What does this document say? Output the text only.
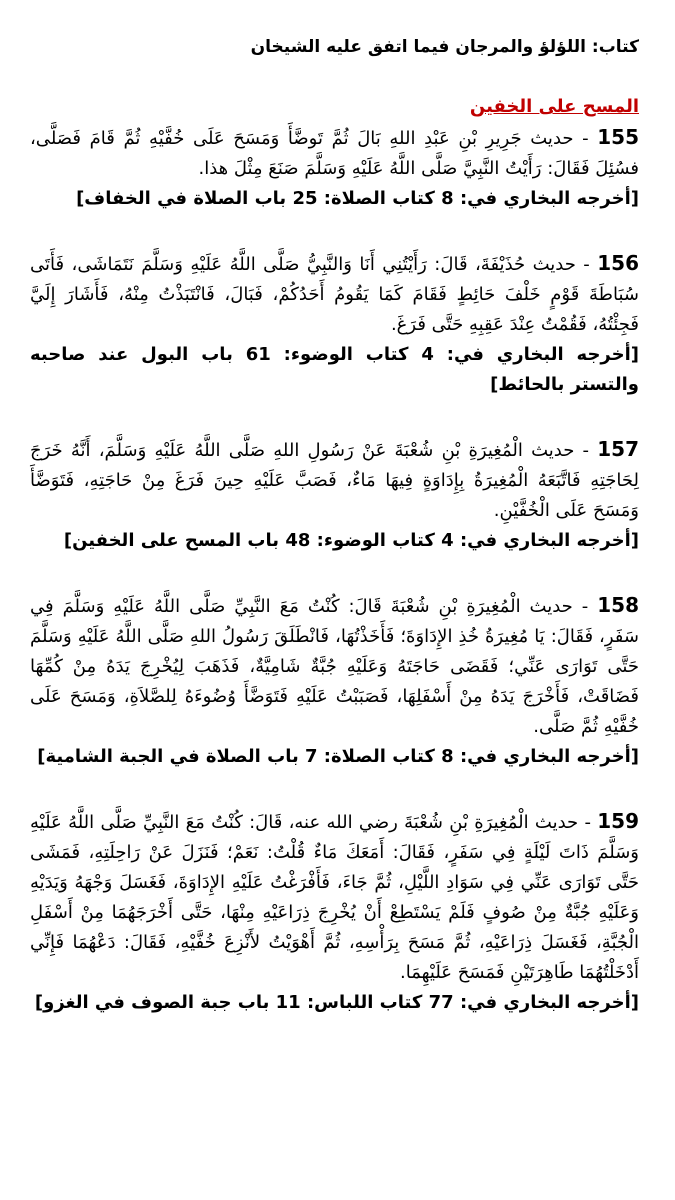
كتاب: اللؤلؤ والمرجان فيما اتفق عليه الشيخان
المسح على الخفين

155 - حديث جَرِيرِ بْنِ عَبْدِ اللهِ بَالَ ثُمَّ تَوضَّأَ وَمَسَحَ عَلَى خُفَّيْهِ ثُمَّ قَامَ فَصَلَّى، فسُئِلَ فَقَالَ: رَأَيْتُ النَّبِيَّ صَلَّى اللَّهُ عَلَيْهِ وَسَلَّمَ صَنَعَ مِثْلَ هذا.

[أخرجه البخاري في: 8 كتاب الصلاة: 25 باب الصلاة في الخفاف]

156 - حديث حُذَيْفَةَ، قَالَ: رَأَيْتُنِي أَنَا وَالنَّبِيُّ صَلَّى اللَّهُ عَلَيْهِ وَسَلَّمَ نَتَمَاشَى، فَأَتَى سُبَاطَةَ قَوْمٍ خَلْفَ حَائِطٍ فَقَامَ كَمَا يَقُومُ أَحَدُكُمْ، فَبَالَ، فَانْتَبَذْتُ مِنْهُ، فَأَشَارَ إِلَيَّ فَجِئْتُهُ، فَقُمْتُ عِنْدَ عَقِبِهِ حَتَّى فَرَغَ.

[أخرجه البخاري في: 4 كتاب الوضوء: 61 باب البول عند صاحبه والتستر بالحائط]

157 - حديث الْمُغِيرَةِ بْنِ شُعْبَةَ عَنْ رَسُولِ اللهِ صَلَّى اللَّهُ عَلَيْهِ وَسَلَّمَ، أَنَّهُ خَرَجَ لِحَاجَتِهِ فَاتَّبَعَهُ الْمُغِيرَةُ بِإِدَاوَةٍ فِيهَا مَاءٌ، فَصَبَّ عَلَيْهِ حِينَ فَرَغَ مِنْ حَاجَتِهِ، فَتَوَضَّأَ وَمَسَحَ عَلَى الْخُفَّيْنِ.

[أخرجه البخاري في: 4 كتاب الوضوء: 48 باب المسح على الخفين]

158 - حديث الْمُغِيرَةِ بْنِ شُعْبَةَ قَالَ: كُنْتُ مَعَ النَّبِيِّ صَلَّى اللَّهُ عَلَيْهِ وَسَلَّمَ فِي سَفَرٍ، فَقَالَ: يَا مُغِيرَةُ خُذِ الإِدَاوَةَ؛ فَأَخَذْتُهَا، فَانْطَلَقَ رَسُولُ اللهِ صَلَّى اللَّهُ عَلَيْهِ وَسَلَّمَ حَتَّى تَوَارَى عَنِّي؛ فَقَضَى حَاجَتَهُ وَعَلَيْهِ جُبَّةٌ شَامِيَّةٌ، فَذَهَبَ لِيُخْرِجَ يَدَهُ مِنْ كُمِّهَا فَضَاقَتْ، فَأَخْرَجَ يَدَهُ مِنْ أَسْفَلِهَا، فَصَبَبْتُ عَلَيْهِ فَتَوَضَّأَ وُضُوءَهُ لِلصَّلاَةِ، وَمَسَحَ عَلَى خُفَّيْهِ ثُمَّ صَلَّى.

[أخرجه البخاري في: 8 كتاب الصلاة: 7 باب الصلاة في الجبة الشامية]

159 - حديث الْمُغِيرَةِ بْنِ شُعْبَةَ رضي الله عنه، قَالَ: كُنْتُ مَعَ النَّبِيِّ صَلَّى اللَّهُ عَلَيْهِ وَسَلَّمَ ذَاتَ لَيْلَةٍ فِي سَفَرٍ، فَقَالَ: أَمَعَكَ مَاءٌ قُلْتُ: نَعَمْ؛ فَنَزَلَ عَنْ رَاحِلَتِهِ، فَمَشَى حَتَّى تَوَارَى عَنِّي فِي سَوَادِ اللَّيْلِ، ثُمَّ جَاءَ، فَأَفْرَغْتُ عَلَيْهِ الإِدَاوَةَ، فَغَسَلَ وَجْهَهُ وَيَدَيْهِ وَعَلَيْهِ جُبَّةٌ مِنْ صُوفٍ فَلَمْ يَسْتَطِعْ أَنْ يُخْرِجَ ذِرَاعَيْهِ مِنْهَا، حَتَّى أَخْرَجَهُمَا مِنْ أَسْفَلِ الْجُبَّةِ، فَغَسَلَ ذِرَاعَيْهِ، ثُمَّ مَسَحَ بِرَأْسِهِ، ثُمَّ أَهْوَيْتُ لأَنْزِعَ خُفَّيْهِ، فَقَالَ: دَعْهُمَا فَإِنِّي أَدْخَلْتُهُمَا طَاهِرَتَيْنِ فَمَسَحَ عَلَيْهِمَا.

[أخرجه البخاري في: 77 كتاب اللباس: 11 باب جبة الصوف في الغزو]
